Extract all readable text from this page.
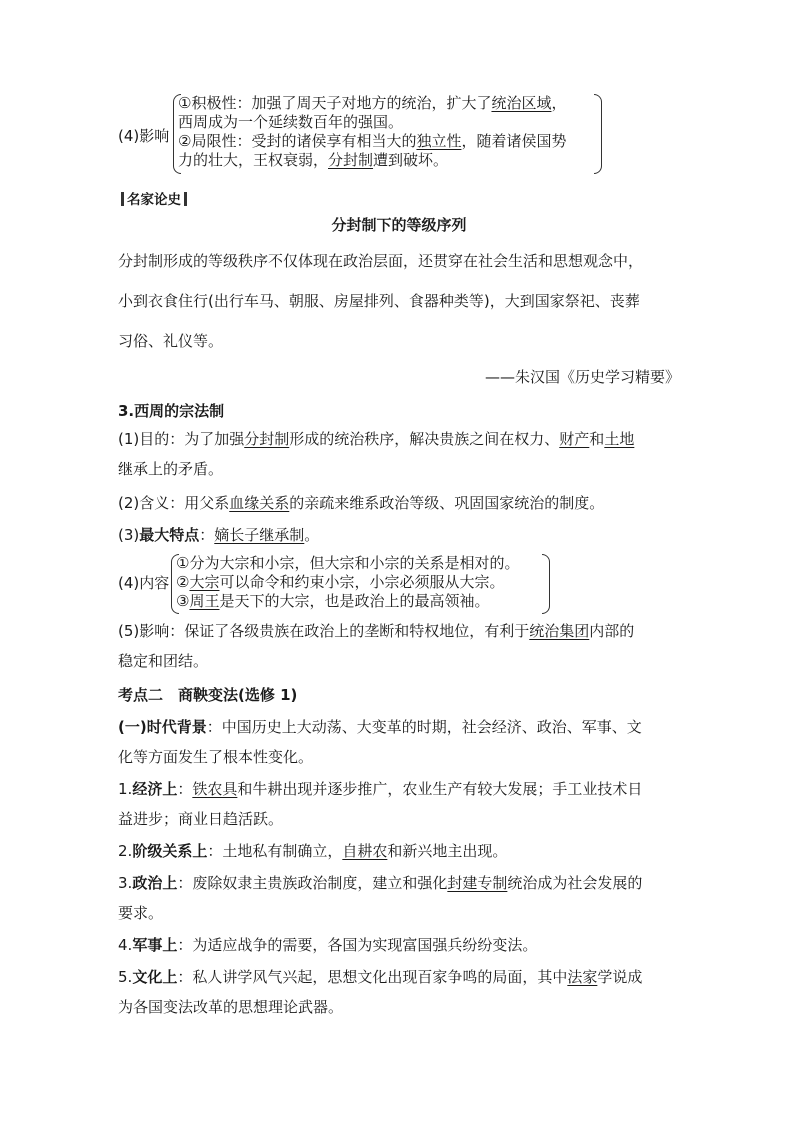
(4)影响
①积极性：加强了周天子对地方的统治，扩大了统治区域，
西周成为一个延续数百年的强国。
②局限性：受封的诸侯享有相当大的独立性，随着诸侯国势
力的壮大，王权衰弱，分封制遭到破坏。
名家论史
分封制下的等级序列
分封制形成的等级秩序不仅体现在政治层面，还贯穿在社会生活和思想观念中，
小到衣食住行(出行车马、朝服、房屋排列、食器种类等)，大到国家祭祀、丧葬
习俗、礼仪等。
——朱汉国《历史学习精要》
3.西周的宗法制
(1)目的：为了加强分封制形成的统治秩序，解决贵族之间在权力、财产和土地
继承上的矛盾。
(2)含义：用父系血缘关系的亲疏来维系政治等级、巩固国家统治的制度。
(3)最大特点：嫡长子继承制。
(4)内容
①分为大宗和小宗，但大宗和小宗的关系是相对的。
②大宗可以命令和约束小宗，小宗必须服从大宗。
③周王是天下的大宗，也是政治上的最高领袖。
(5)影响：保证了各级贵族在政治上的垄断和特权地位，有利于统治集团内部的
稳定和团结。
考点二　商鞅变法(选修 1)
(一)时代背景：中国历史上大动荡、大变革的时期，社会经济、政治、军事、文
化等方面发生了根本性变化。
1.经济上：铁农具和牛耕出现并逐步推广，农业生产有较大发展；手工业技术日
益进步；商业日趋活跃。
2.阶级关系上：土地私有制确立，自耕农和新兴地主出现。
3.政治上：废除奴隶主贵族政治制度，建立和强化封建专制统治成为社会发展的
要求。
4.军事上：为适应战争的需要，各国为实现富国强兵纷纷变法。
5.文化上：私人讲学风气兴起，思想文化出现百家争鸣的局面，其中法家学说成
为各国变法改革的思想理论武器。
